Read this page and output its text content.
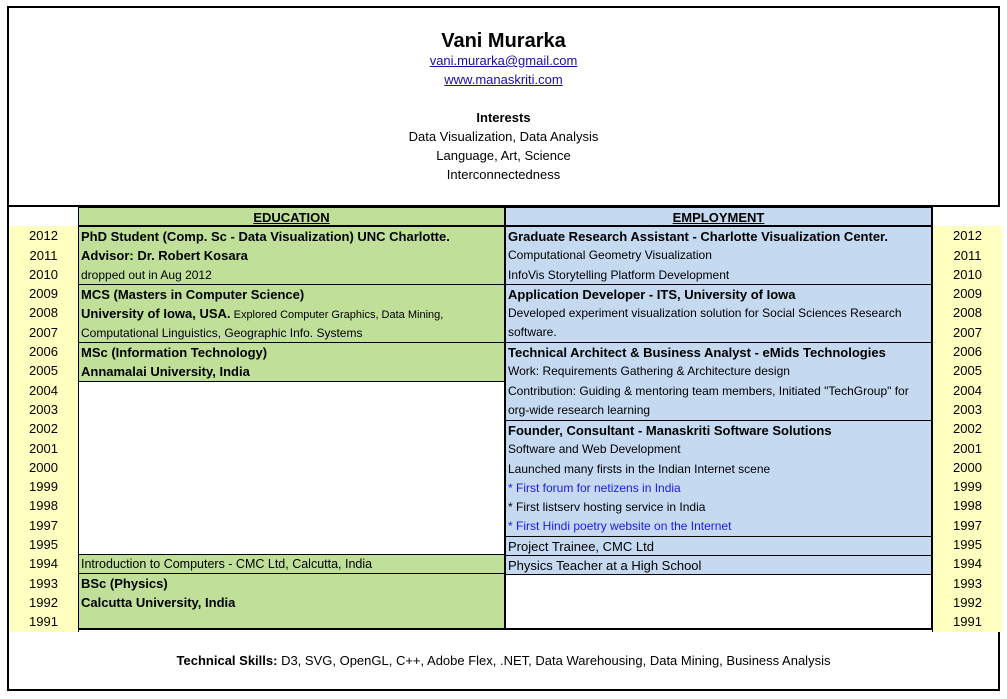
Vani Murarka
vani.murarka@gmail.com
www.manaskriti.com
Interests
Data Visualization, Data Analysis
Language, Art, Science
Interconnectedness
2012
2011
2010
2009
2008
2007
2006
2005
2004
2003
2002
2001
2000
1999
1998
1997
1995
1994
1993
1992
1991
EDUCATION
PhD Student (Comp. Sc - Data Visualization) UNC Charlotte.
Advisor: Dr. Robert Kosara
dropped out in Aug 2012
MCS (Masters in Computer Science)
University of Iowa, USA. Explored Computer Graphics, Data Mining,
Computational Linguistics, Geographic Info. Systems
MSc (Information Technology)
Annamalai University, India
Introduction to Computers - CMC Ltd, Calcutta, India
BSc (Physics)
Calcutta University, India
EMPLOYMENT
Graduate Research Assistant - Charlotte Visualization Center.
Computational Geometry Visualization
InfoVis Storytelling Platform Development
Application Developer - ITS, University of Iowa
Developed experiment visualization solution for Social Sciences Research software.
Technical Architect & Business Analyst - eMids Technologies
Work: Requirements Gathering & Architecture design
Contribution: Guiding & mentoring team members, Initiated "TechGroup" for org-wide research learning
Founder, Consultant - Manaskriti Software Solutions
Software and Web Development
Launched many firsts in the Indian Internet scene
* First forum for netizens in India
* First listserv hosting service in India
* First Hindi poetry website on the Internet
Project Trainee, CMC Ltd
Physics Teacher at a High School
2012
2011
2010
2009
2008
2007
2006
2005
2004
2003
2002
2001
2000
1999
1998
1997
1995
1994
1993
1992
1991
Technical Skills: D3, SVG, OpenGL, C++, Adobe Flex, .NET, Data Warehousing, Data Mining, Business Analysis
